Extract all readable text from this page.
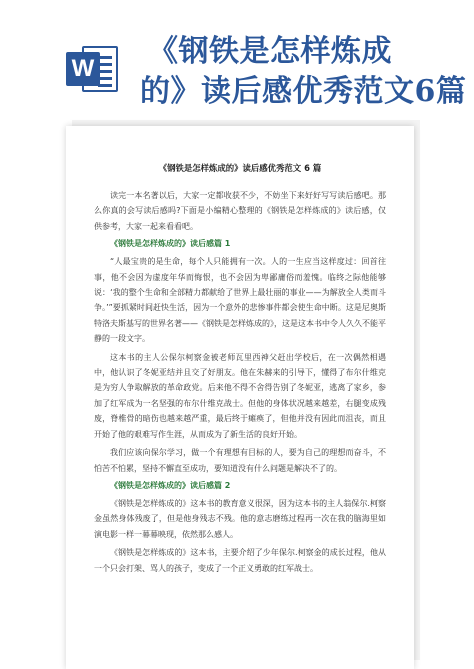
W 《钢铁是怎样炼成
的》读后感优秀范文6篇
《钢铁是怎样炼成的》读后感优秀范文 6 篇
读完一本名著以后，大家一定都收获不少，不妨坐下来好好写写读后感吧。那么你真的会写读后感吗?下面是小编精心整理的《钢铁是怎样炼成的》读后感，仅供参考，大家一起来看看吧。
《钢铁是怎样炼成的》读后感篇 1
“人最宝贵的是生命，每个人只能拥有一次。人的一生应当这样度过：回首往事，他不会因为虚度年华而悔恨，也不会因为卑鄙庸俗而羞愧。临终之际他能够说：‘我的整个生命和全部精力都献给了世界上最壮丽的事业——为解放全人类而斗争。’”要抓紧时间赶快生活，因为一个意外的悲惨事件都会使生命中断。这是尼奥斯特洛夫斯基写的世界名著——《钢铁是怎样炼成的》，这是这本书中令人久久不能平静的一段文字。
这本书的主人公保尔柯察金被老师瓦里西神父赶出学校后，在一次偶然相遇中，他认识了冬妮亚结并且交了好朋友。他在朱赫来的引导下，懂得了布尔什维克是为穷人争取解放的革命政党。后来他不得不舍得告别了冬妮亚，逃离了家乡，参加了红军成为一名坚强的布尔什维克战士。但他的身体状况越来越差，右腿变成残废，脊椎骨的暗伤也越来越严重，最后终于瘫痪了，但他并没有因此而沮丧，而且开始了他的艰难写作生涯，从而成为了新生活的良好开始。
我们应该向保尔学习，做一个有理想有目标的人，要为自己的理想而奋斗，不怕苦不怕累，坚持不懈直至成功，要知道没有什么问题是解决不了的。
《钢铁是怎样炼成的》读后感篇 2
《钢铁是怎样炼成的》这本书的教育意义很深，因为这本书的主人翁保尔.柯察金虽然身体残废了，但是他身残志不残。他的意志磨练过程再一次在我的脑海里如演电影一样一幕幕映现，依然那么感人。
《钢铁是怎样炼成的》这本书，主要介绍了少年保尔.柯察金的成长过程，他从一个只会打架、骂人的孩子，变成了一个正义勇敢的红军战士。
